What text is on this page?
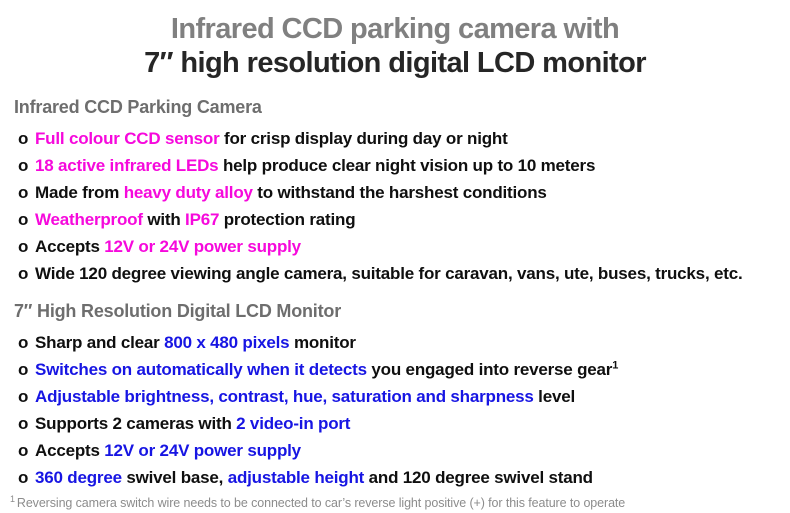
Infrared CCD parking camera with
7″ high resolution digital LCD monitor
Infrared CCD Parking Camera
o Full colour CCD sensor for crisp display during day or night
o 18 active infrared LEDs help produce clear night vision up to 10 meters
o Made from heavy duty alloy to withstand the harshest conditions
o Weatherproof with IP67 protection rating
o Accepts 12V or 24V power supply
o Wide 120 degree viewing angle camera, suitable for caravan, vans, ute, buses, trucks, etc.
7″ High Resolution Digital LCD Monitor
o Sharp and clear 800 x 480 pixels monitor
o Switches on automatically when it detects you engaged into reverse gear$^1$
o Adjustable brightness, contrast, hue, saturation and sharpness level
o Supports 2 cameras with 2 video-in port
o Accepts 12V or 24V power supply
o 360 degree swivel base, adjustable height and 120 degree swivel stand
$^1$ Reversing camera switch wire needs to be connected to car’s reverse light positive (+) for this feature to operate
